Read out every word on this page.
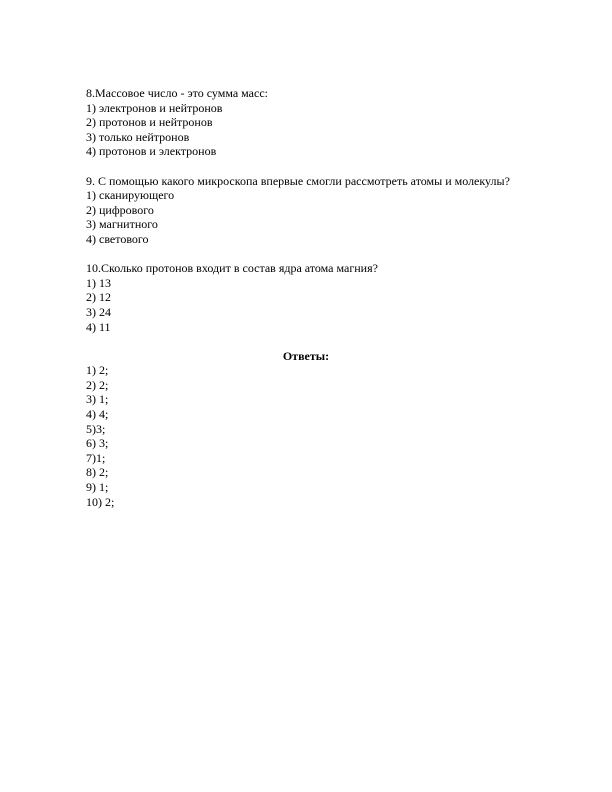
8.Массовое число - это сумма масс:
1) электронов и нейтронов
2) протонов и нейтронов
3) только нейтронов
4) протонов и электронов
9. С помощью какого микроскопа впервые смогли рассмотреть атомы и молекулы?
1) сканирующего
2) цифрового
3) магнитного
4) светового
10.Сколько протонов входит в состав ядра атома магния?
1) 13
2) 12
3) 24
4) 11
Ответы:
1) 2;
2) 2;
3) 1;
4) 4;
5)3;
6) 3;
7)1;
8) 2;
9) 1;
10) 2;
